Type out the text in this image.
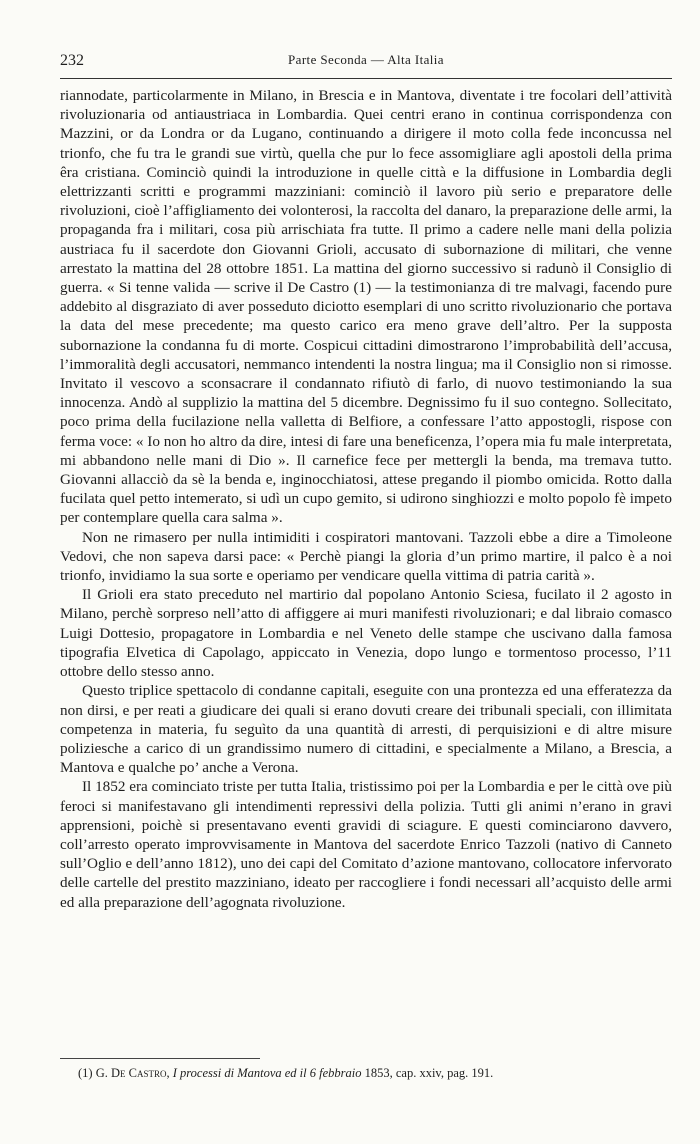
232	Parte Seconda — Alta Italia

riannodate, particolarmente in Milano, in Brescia e in Mantova, diventate i tre focolari dell’attività rivoluzionaria od antiaustriaca in Lombardia. Quei centri erano in continua corrispondenza con Mazzini, or da Londra or da Lugano, continuando a dirigere il moto colla fede inconcussa nel trionfo, che fu tra le grandi sue virtù, quella che pur lo fece assomigliare agli apostoli della prima êra cristiana. Cominciò quindi la introduzione in quelle città e la diffusione in Lombardia degli elettrizzanti scritti e programmi mazziniani: cominciò il lavoro più serio e preparatore delle rivoluzioni, cioè l’affigliamento dei volonterosi, la raccolta del danaro, la preparazione delle armi, la propaganda fra i militari, cosa più arrischiata fra tutte. Il primo a cadere nelle mani della polizia austriaca fu il sacerdote don Giovanni Grioli, accusato di subornazione di militari, che venne arrestato la mattina del 28 ottobre 1851. La mattina del giorno successivo si radunò il Consiglio di guerra. « Si tenne valida — scrive il De Castro (1) — la testimonianza di tre malvagi, facendo pure addebito al disgraziato di aver posseduto diciotto esemplari di uno scritto rivoluzionario che portava la data del mese precedente; ma questo carico era meno grave dell’altro. Per la supposta subornazione la condanna fu di morte. Cospicui cittadini dimostrarono l’improbabilità dell’accusa, l’immoralità degli accusatori, nemmanco intendenti la nostra lingua; ma il Consiglio non si rimosse. Invitato il vescovo a sconsacrare il condannato rifiutò di farlo, di nuovo testimoniando la sua innocenza. Andò al supplizio la mattina del 5 dicembre. Degnissimo fu il suo contegno. Sollecitato, poco prima della fucilazione nella valletta di Belfiore, a confessare l’atto appostogli, rispose con ferma voce: « Io non ho altro da dire, intesi di fare una beneficenza, l’opera mia fu male interpretata, mi abbandono nelle mani di Dio ». Il carnefice fece per mettergli la benda, ma tremava tutto. Giovanni allacciò da sè la benda e, inginocchiatosi, attese pregando il piombo omicida. Rotto dalla fucilata quel petto intemerato, si udì un cupo gemito, si udirono singhiozzi e molto popolo fè impeto per contemplare quella cara salma ».

Non ne rimasero per nulla intimiditi i cospiratori mantovani. Tazzoli ebbe a dire a Timoleone Vedovi, che non sapeva darsi pace: « Perchè piangi la gloria d’un primo martire, il palco è a noi trionfo, invidiamo la sua sorte e operiamo per vendicare quella vittima di patria carità ».

Il Grioli era stato preceduto nel martirio dal popolano Antonio Sciesa, fucilato il 2 agosto in Milano, perchè sorpreso nell’atto di affiggere ai muri manifesti rivoluzionari; e dal libraio comasco Luigi Dottesio, propagatore in Lombardia e nel Veneto delle stampe che uscivano dalla famosa tipografia Elvetica di Capolago, appiccato in Venezia, dopo lungo e tormentoso processo, l’11 ottobre dello stesso anno.

Questo triplice spettacolo di condanne capitali, eseguite con una prontezza ed una efferatezza da non dirsi, e per reati a giudicare dei quali si erano dovuti creare dei tribunali speciali, con illimitata competenza in materia, fu seguìto da una quantità di arresti, di perquisizioni e di altre misure poliziesche a carico di un grandissimo numero di cittadini, e specialmente a Milano, a Brescia, a Mantova e qualche po’ anche a Verona.

Il 1852 era cominciato triste per tutta Italia, tristissimo poi per la Lombardia e per le città ove più feroci si manifestavano gli intendimenti repressivi della polizia. Tutti gli animi n’erano in gravi apprensioni, poichè si presentavano eventi gravidi di sciagure. E questi cominciarono davvero, coll’arresto operato improvvisamente in Mantova del sacerdote Enrico Tazzoli (nativo di Canneto sull’Oglio e dell’anno 1812), uno dei capi del Comitato d’azione mantovano, collocatore infervorato delle cartelle del prestito mazziniano, ideato per raccogliere i fondi necessari all’acquisto delle armi ed alla preparazione dell’agognata rivoluzione.

(1) G. De Castro, I processi di Mantova ed il 6 febbraio 1853, cap. xxiv, pag. 191.
